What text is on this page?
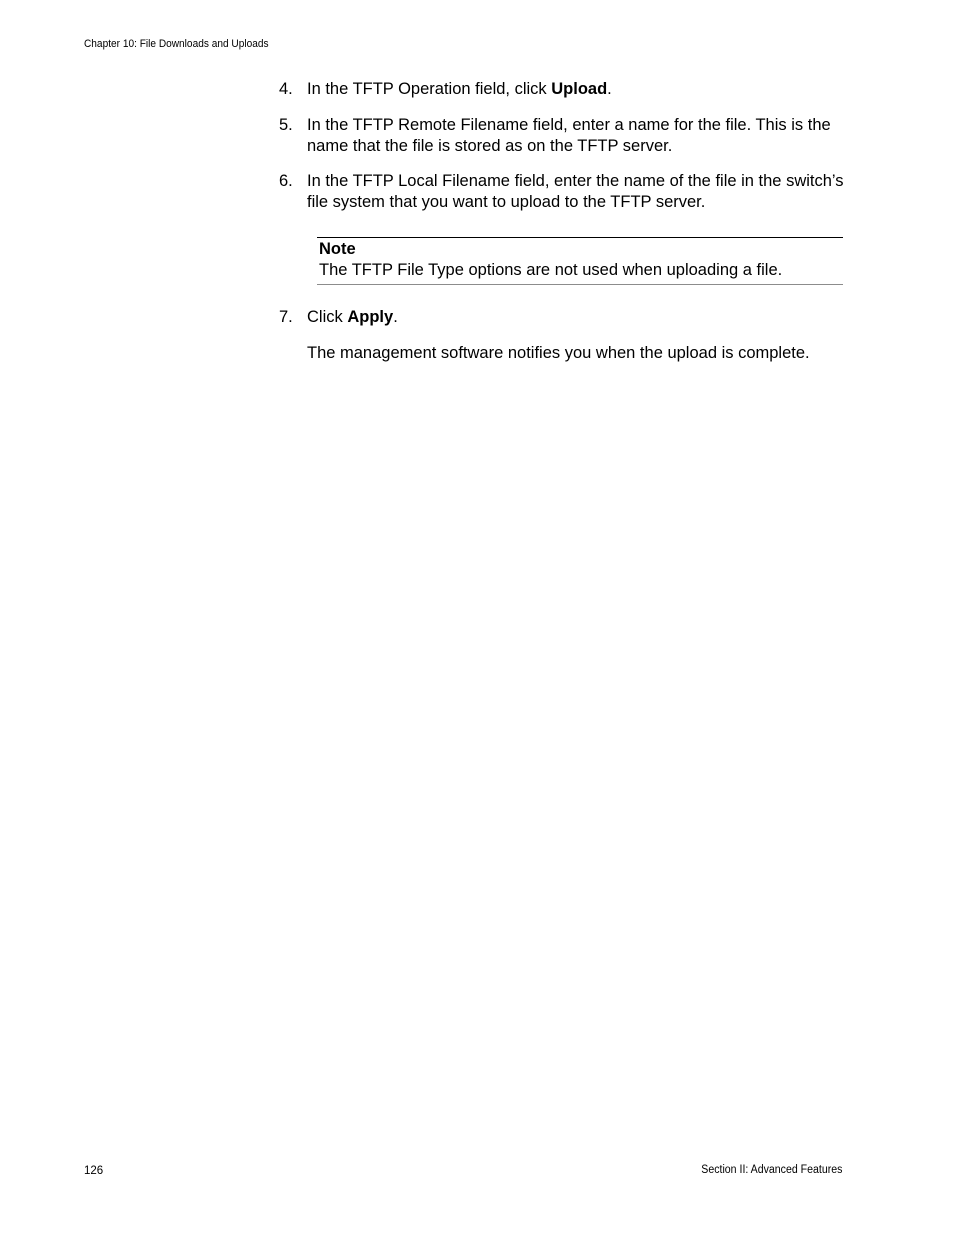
Chapter 10: File Downloads and Uploads
4. In the TFTP Operation field, click Upload.
5. In the TFTP Remote Filename field, enter a name for the file. This is the name that the file is stored as on the TFTP server.
6. In the TFTP Local Filename field, enter the name of the file in the switch’s file system that you want to upload to the TFTP server.
Note
The TFTP File Type options are not used when uploading a file.
7. Click Apply.
The management software notifies you when the upload is complete.
126	Section II: Advanced Features
